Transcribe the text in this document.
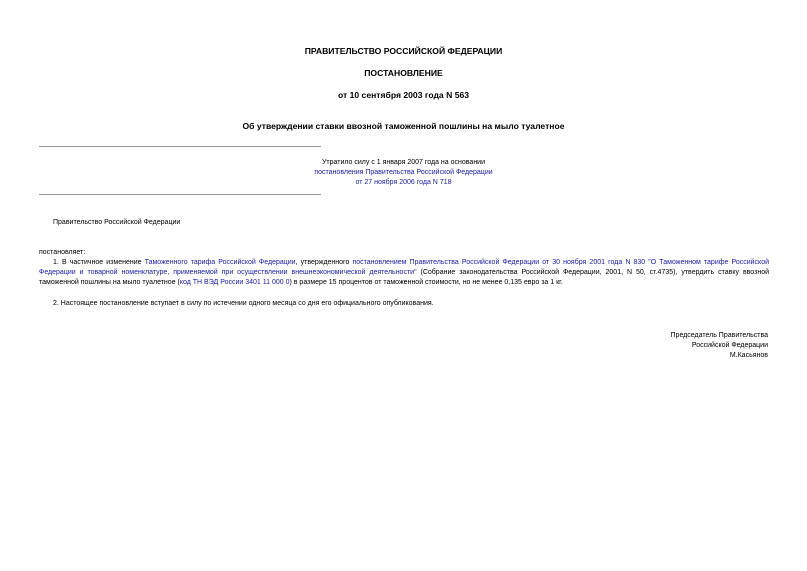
ПРАВИТЕЛЬСТВО РОССИЙСКОЙ ФЕДЕРАЦИИ
ПОСТАНОВЛЕНИЕ
от 10 сентября 2003 года N 563
Об утверждении ставки ввозной таможенной пошлины на мыло туалетное
Утратило силу с 1 января 2007 года на основании
постановления Правительства Российской Федерации
от 27 ноября 2006 года N 718
Правительство Российской Федерации
постановляет:
1. В частичное изменение Таможенного тарифа Российской Федерации, утвержденного постановлением Правительства Российской Федерации от 30 ноября 2001 года N 830 "О Таможенном тарифе Российской Федерации и товарной номенклатуре, применяемой при осуществлении внешнеэкономической деятельности" (Собрание законодательства Российской Федерации, 2001, N 50, ст.4735), утвердить ставку ввозной таможенной пошлины на мыло туалетное (код ТН ВЭД России 3401 11 000 0) в размере 15 процентов от таможенной стоимости, но не менее 0,135 евро за 1 кг.
2. Настоящее постановление вступает в силу по истечении одного месяца со дня его официального опубликования.
Председатель Правительства
Российской Федерации
М.Касьянов
